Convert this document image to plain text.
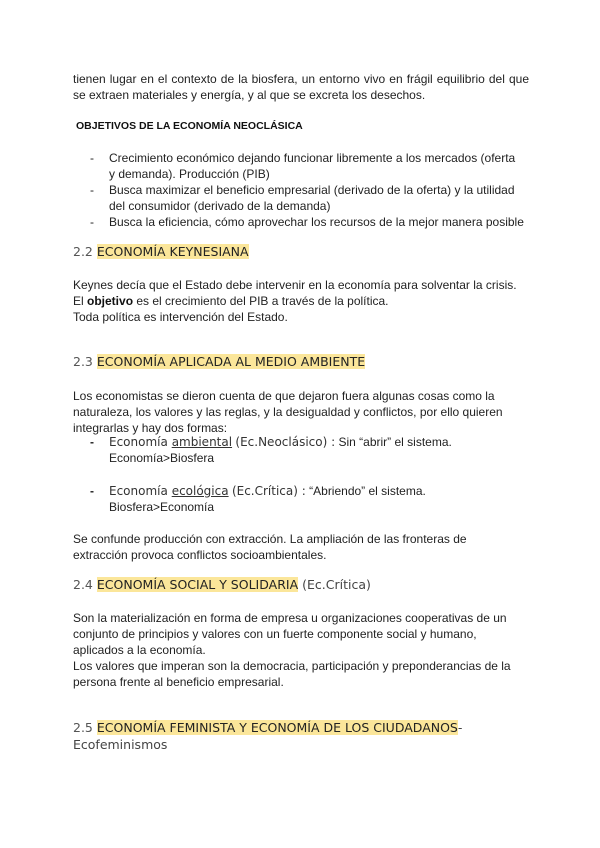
tienen lugar en el contexto de la biosfera, un entorno vivo en frágil equilibrio del que
se extraen materiales y energía, y al que se excreta los desechos.
OBJETIVOS DE LA ECONOMÍA NEOCLÁSICA
- Crecimiento económico dejando funcionar libremente a los mercados (oferta
y demanda). Producción (PIB)
- Busca maximizar el beneficio empresarial (derivado de la oferta) y la utilidad
del consumidor (derivado de la demanda)
- Busca la eficiencia, cómo aprovechar los recursos de la mejor manera posible
2.2 ECONOMÍA KEYNESIANA
Keynes decía que el Estado debe intervenir en la economía para solventar la crisis.
El objetivo es el crecimiento del PIB a través de la política.
Toda política es intervención del Estado.
2.3 ECONOMÍA APLICADA AL MEDIO AMBIENTE
Los economistas se dieron cuenta de que dejaron fuera algunas cosas como la
naturaleza, los valores y las reglas, y la desigualdad y conflictos, por ello quieren
integrarlas y hay dos formas:
-	Economía ambiental (Ec.Neoclásico) : Sin “abrir” el sistema.
Economía>Biosfera
-	Economía ecológica (Ec.Crítica) : “Abriendo” el sistema.
Biosfera>Economía
Se confunde producción con extracción. La ampliación de las fronteras de
extracción provoca conflictos socioambientales.
2.4 ECONOMÍA SOCIAL Y SOLIDARIA (Ec.Crítica)
Son la materialización en forma de empresa u organizaciones cooperativas de un
conjunto de principios y valores con un fuerte componente social y humano,
aplicados a la economía.
Los valores que imperan son la democracia, participación y preponderancias de la
persona frente al beneficio empresarial.
2.5 ECONOMÍA FEMINISTA Y ECONOMÍA DE LOS CIUDADANOS-
Ecofeminismos
